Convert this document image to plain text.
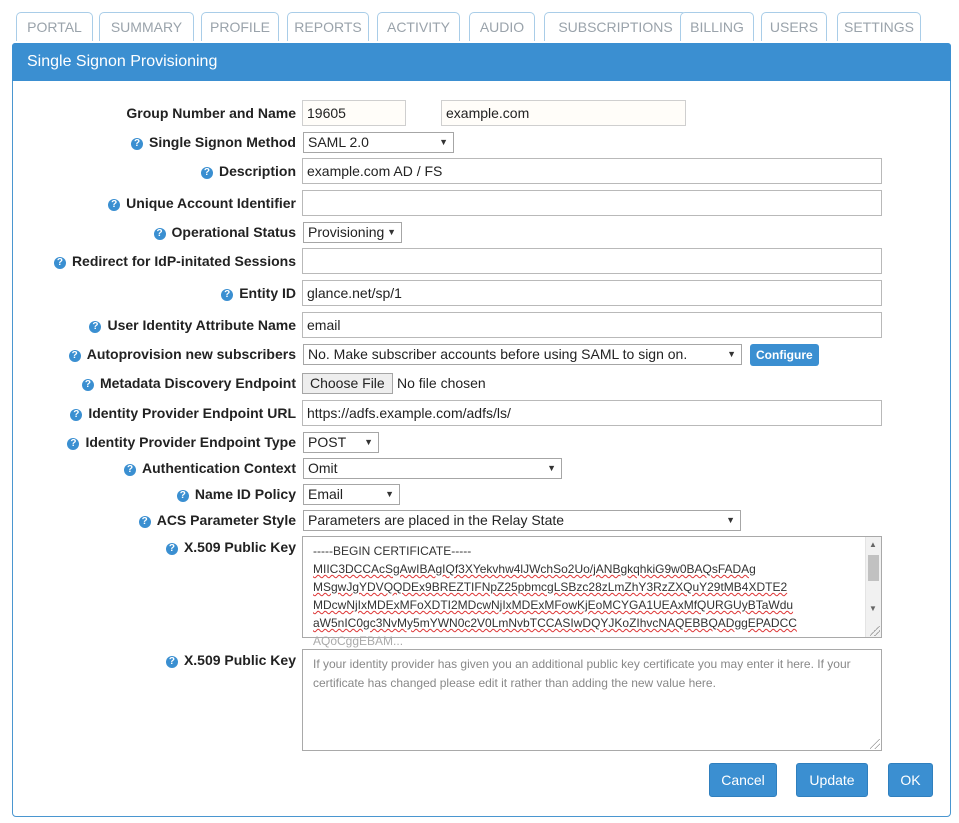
PORTAL	SUMMARY	PROFILE	REPORTS	ACTIVITY	AUDIO	SUBSCRIPTIONS	BILLING	USERS	SETTINGS
Single Signon Provisioning
Group Number and Name 19605	example.com
? Single Signon Method SAML 2.0	▼
? Description example.com AD / FS
? Unique Account Identifier
? Operational Status Provisioning ▼
? Redirect for IdP-initated Sessions
? Entity ID glance.net/sp/1
? User Identity Attribute Name email
? Autoprovision new subscribers No. Make subscriber accounts before using SAML to sign on.	▼	Configure
? Metadata Discovery Endpoint	Choose File No file chosen
? Identity Provider Endpoint URL https://adfs.example.com/adfs/ls/
? Identity Provider Endpoint Type POST ▼
? Authentication Context Omit	▼
? Name ID Policy Email	▼
? ACS Parameter Style Parameters are placed in the Relay State	▼
? X.509 Public Key -----BEGIN CERTIFICATE-----
MIIC3DCCAcSgAwIBAgIQf3XYekvhw4lJWchSo2Uo/jANBgkqhkiG9w0BAQsFADAg
MSgwJgYDVQQDEx9BREZTIFNpZ25pbmcgLSBzc28zLmZhY3RzZXQuY29tMB4XDTE2
MDcwNjIxMDExMFoXDTI2MDcwNjIxMDExMFowKjEoMCYGA1UEAxMfQURGUyBTaWdu
aW5nIC0gc3NvMy5mYWN0c2V0LmNvbTCCASIwDQYJKoZIhvcNAQEBBQADggEPADCC
AQoCggEBAM...
▲
▼
? X.509 Public Key	If your identity provider has given you an additional public key certificate you may enter it here. If your certificate has changed please edit it rather than adding the new value here.
Cancel	Update	OK
